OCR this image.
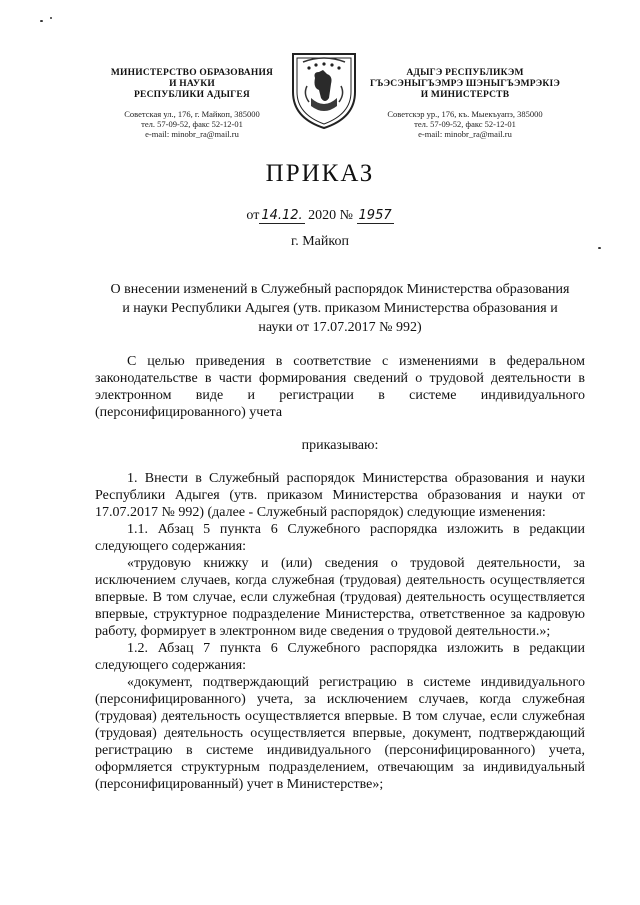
МИНИСТЕРСТВО ОБРАЗОВАНИЯ
И НАУКИ
РЕСПУБЛИКИ АДЫГЕЯ
Советская ул., 176, г. Майкоп, 385000
тел. 57-09-52, факс 52-12-01
e-mail: minobr_ra@mail.ru
АДЫГЭ РЕСПУБЛИКЭМ
ГЪЭСЭНЫГЪЭМРЭ ШЭНЫГЪЭМРЭКIЭ
И МИНИСТЕРСТВ
Советскэр ур., 176, къ. Мыекъуапэ, 385000
тел. 57-09-52, факс 52-12-01
e-mail: minobr_ra@mail.ru
ПРИКАЗ
от 14.12. 2020 № 1957
г. Майкоп
О внесении изменений в Служебный распорядок Министерства образования и науки Республики Адыгея (утв. приказом Министерства образования и науки от 17.07.2017 № 992)

С целью приведения в соответствие с изменениями в федеральном законодательстве в части формирования сведений о трудовой деятельности в электронном виде и регистрации в системе индивидуального (персонифицированного) учета

приказываю:

1. Внести в Служебный распорядок Министерства образования и науки Республики Адыгея (утв. приказом Министерства образования и науки от 17.07.2017 № 992) (далее - Служебный распорядок) следующие изменения:

1.1. Абзац 5 пункта 6 Служебного распорядка изложить в редакции следующего содержания:

«трудовую книжку и (или) сведения о трудовой деятельности, за исключением случаев, когда служебная (трудовая) деятельность осуществляется впервые. В том случае, если служебная (трудовая) деятельность осуществляется впервые, структурное подразделение Министерства, ответственное за кадровую работу, формирует в электронном виде сведения о трудовой деятельности.»;

1.2. Абзац 7 пункта 6 Служебного распорядка изложить в редакции следующего содержания:

«документ, подтверждающий регистрацию в системе индивидуального (персонифицированного) учета, за исключением случаев, когда служебная (трудовая) деятельность осуществляется впервые. В том случае, если служебная (трудовая) деятельность осуществляется впервые, документ, подтверждающий регистрацию в системе индивидуального (персонифицированного) учета, оформляется структурным подразделением, отвечающим за индивидуальный (персонифицированный) учет в Министерстве»;
